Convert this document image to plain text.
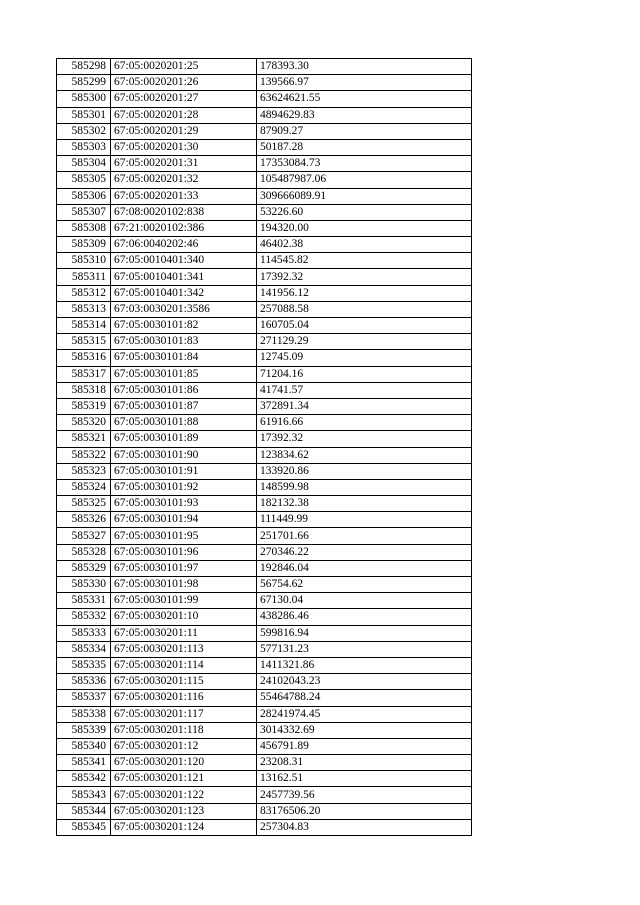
585298	67:05:0020201:25	178393.30
585299	67:05:0020201:26	139566.97
585300	67:05:0020201:27	63624621.55
585301	67:05:0020201:28	4894629.83
585302	67:05:0020201:29	87909.27
585303	67:05:0020201:30	50187.28
585304	67:05:0020201:31	17353084.73
585305	67:05:0020201:32	105487987.06
585306	67:05:0020201:33	309666089.91
585307	67:08:0020102:838	53226.60
585308	67:21:0020102:386	194320.00
585309	67:06:0040202:46	46402.38
585310	67:05:0010401:340	114545.82
585311	67:05:0010401:341	17392.32
585312	67:05:0010401:342	141956.12
585313	67:03:0030201:3586	257088.58
585314	67:05:0030101:82	160705.04
585315	67:05:0030101:83	271129.29
585316	67:05:0030101:84	12745.09
585317	67:05:0030101:85	71204.16
585318	67:05:0030101:86	41741.57
585319	67:05:0030101:87	372891.34
585320	67:05:0030101:88	61916.66
585321	67:05:0030101:89	17392.32
585322	67:05:0030101:90	123834.62
585323	67:05:0030101:91	133920.86
585324	67:05:0030101:92	148599.98
585325	67:05:0030101:93	182132.38
585326	67:05:0030101:94	111449.99
585327	67:05:0030101:95	251701.66
585328	67:05:0030101:96	270346.22
585329	67:05:0030101:97	192846.04
585330	67:05:0030101:98	56754.62
585331	67:05:0030101:99	67130.04
585332	67:05:0030201:10	438286.46
585333	67:05:0030201:11	599816.94
585334	67:05:0030201:113	577131.23
585335	67:05:0030201:114	1411321.86
585336	67:05:0030201:115	24102043.23
585337	67:05:0030201:116	55464788.24
585338	67:05:0030201:117	28241974.45
585339	67:05:0030201:118	3014332.69
585340	67:05:0030201:12	456791.89
585341	67:05:0030201:120	23208.31
585342	67:05:0030201:121	13162.51
585343	67:05:0030201:122	2457739.56
585344	67:05:0030201:123	83176506.20
585345	67:05:0030201:124	257304.83
